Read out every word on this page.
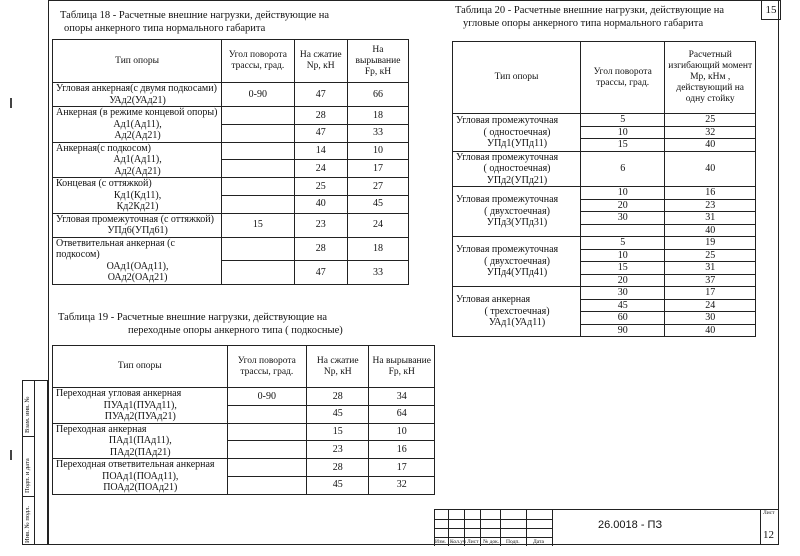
15
Таблица 18 - Расчетные внешние нагрузки, действующие на
опоры анкерного типа нормального габарита
Тип опоры	Угол поворота трассы, град.	На сжатие Nр, кН	На вырывание Fр, кН

Угловая анкерная(с двумя подкосами)
УАд2(УАд21)	0-90	47	66

Анкерная (в режиме концевой опоры)
Ад1(Ад11),
Ад2(Ад21)		28	18
		47	33

Анкерная(с подкосом)
Ад1(Ад11),
Ад2(Ад21)		14	10
		24	17

Концевая (с оттяжкой)
Кд1(Кд11),
Кд2Кд21)		25	27
		40	45

Угловая промежуточная (с оттяжкой)
УПд6(УПд61)	15	23	24

Ответвительная анкерная (с подкосом)
ОАд1(ОАд11),
ОАд2(ОАд21)		28	18
		47	33
Таблица 19 - Расчетные внешние нагрузки, действующие на
переходные опоры анкерного типа ( подкосные)
Тип опоры	Угол поворота трассы, град.	На сжатие Nр, кН	На вырывание Fр, кН

Переходная угловая анкерная
ПУАд1(ПУАд11),
ПУАд2(ПУАд21)	0-90	28	34
		45	64

Переходная анкерная
ПАд1(ПАд11),
ПАд2(ПАд21)		15	10
		23	16

Переходная ответвительная анкерная
ПОАд1(ПОАд11),
ПОАд2(ПОАд21)		28	17
		45	32
Таблица 20 - Расчетные внешние нагрузки, действующие на
угловые опоры анкерного типа нормального габарита
Тип опоры	Угол поворота трассы, град.	Расчетный изгибающий момент Mр, кНм , действующий на одну стойку

Угловая промежуточная
( одностоечная)
УПд1(УПд11)	5	25
	10	32
	15	40

Угловая промежуточная
( одностоечная)
УПд2(УПд21)	6	40

Угловая промежуточная
( двухстоечная)
УПд3(УПд31)	10	16
	20	23
	30	31
		40

Угловая промежуточная
( двухстоечная)
УПд4(УПд41)	5	19
	10	25
	15	31
	20	37

Угловая анкерная
( трехстоечная)
УАд1(УАд11)	30	17
	45	24
	60	30
	90	40
Взам. инв. №
Подп. и дата
Инв. № подл.	Изм. Кол.уч Лист № док. Подп. Дата
26.0018 - ПЗ
Лист
12
